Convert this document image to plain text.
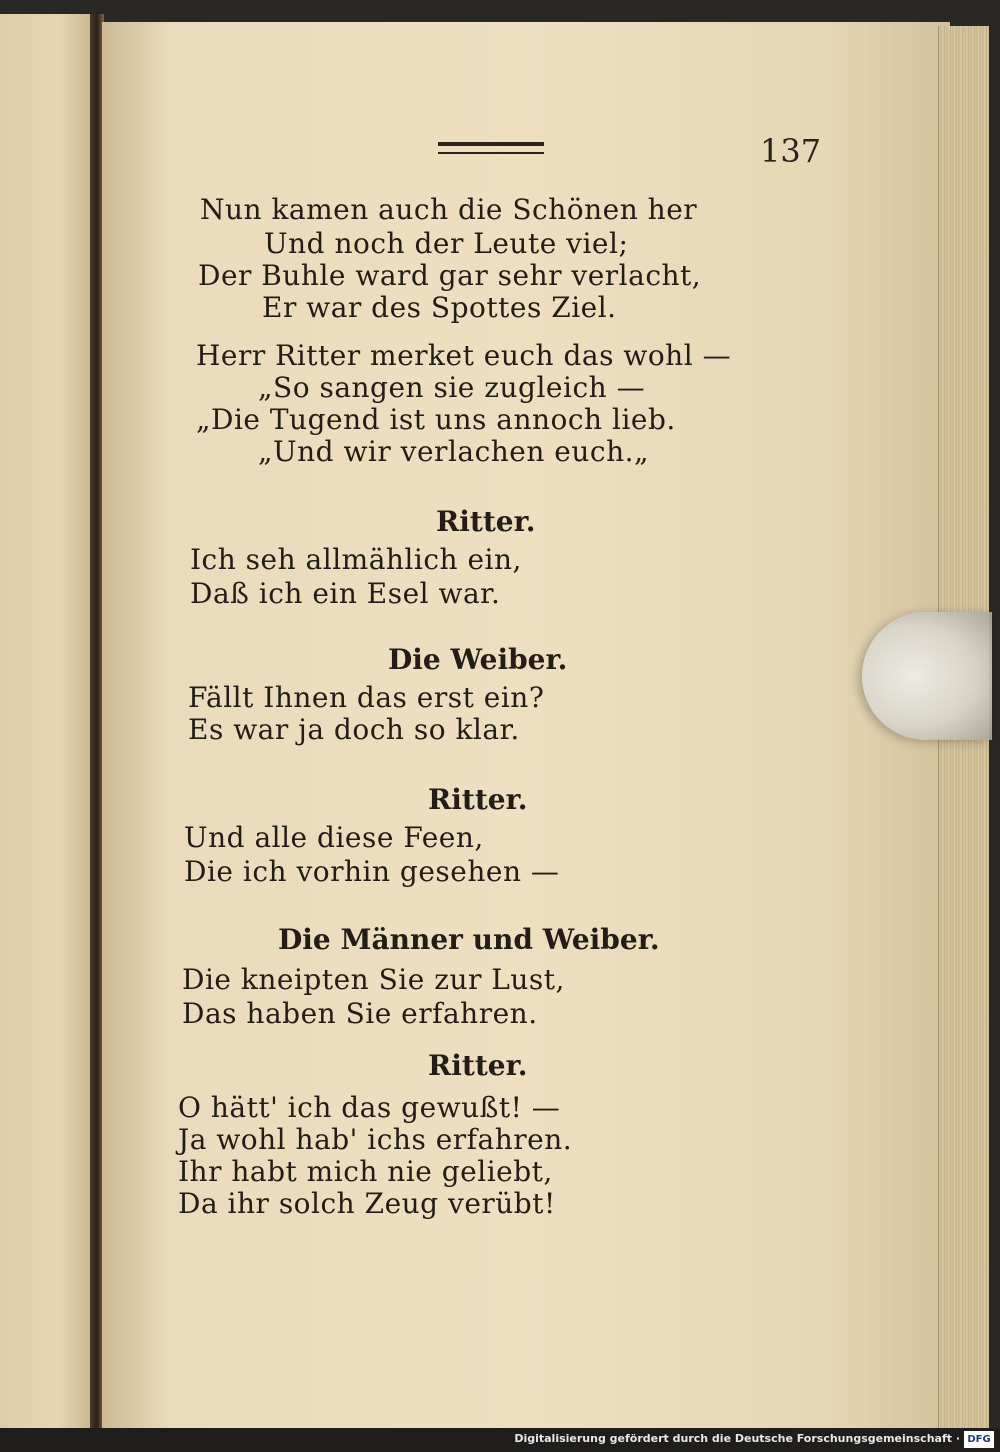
137
Nun kamen auch die Schönen her
Und noch der Leute viel;
Der Buhle ward gar sehr verlacht,
Er war des Spottes Ziel.
Herr Ritter merket euch das wohl —
„So sangen sie zugleich —
„Die Tugend ist uns annoch lieb.
„Und wir verlachen euch.„
Ritter.
Ich seh allmählich ein,
Daß ich ein Esel war.
Die Weiber.
Fällt Ihnen das erst ein?
Es war ja doch so klar.
Ritter.
Und alle diese Feen,
Die ich vorhin gesehen —
Die Männer und Weiber.
Die kneipten Sie zur Lust,
Das haben Sie erfahren.
Ritter.
O hätt' ich das gewußt! —
Ja wohl hab' ichs erfahren.
Ihr habt mich nie geliebt,
Da ihr solch Zeug verübt!
Digitalisierung gefördert durch die Deutsche Forschungsgemeinschaft · DFG
